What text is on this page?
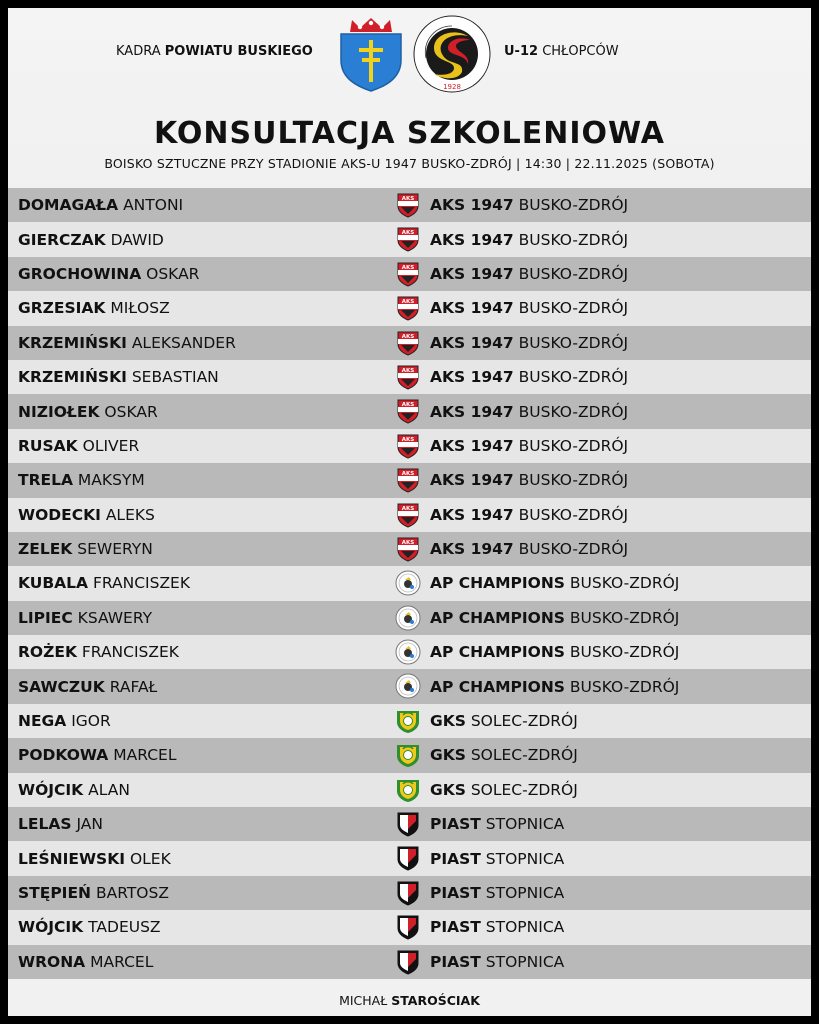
KADRA POWIATU BUSKIEGO
1928
U-12 CHŁOPCÓW
KONSULTACJA SZKOLENIOWA
BOISKO SZTUCZNE PRZY STADIONIE AKS-U 1947 BUSKO-ZDRÓJ | 14:30 | 22.11.2025 (SOBOTA)
DOMAGAŁA ANTONI	AKS AKS 1947 BUSKO-ZDRÓJ
GIERCZAK DAWID	AKS AKS 1947 BUSKO-ZDRÓJ
GROCHOWINA OSKAR	AKS AKS 1947 BUSKO-ZDRÓJ
GRZESIAK MIŁOSZ	AKS AKS 1947 BUSKO-ZDRÓJ
KRZEMIŃSKI ALEKSANDER	AKS AKS 1947 BUSKO-ZDRÓJ
KRZEMIŃSKI SEBASTIAN	AKS AKS 1947 BUSKO-ZDRÓJ
NIZIOŁEK OSKAR	AKS AKS 1947 BUSKO-ZDRÓJ
RUSAK OLIVER	AKS AKS 1947 BUSKO-ZDRÓJ
TRELA MAKSYM	AKS AKS 1947 BUSKO-ZDRÓJ
WODECKI ALEKS	AKS AKS 1947 BUSKO-ZDRÓJ
ZELEK SEWERYN	AKS AKS 1947 BUSKO-ZDRÓJ
KUBALA FRANCISZEK	AP CHAMPIONS BUSKO-ZDRÓJ
LIPIEC KSAWERY	AP CHAMPIONS BUSKO-ZDRÓJ
ROŻEK FRANCISZEK	AP CHAMPIONS BUSKO-ZDRÓJ
SAWCZUK RAFAŁ	AP CHAMPIONS BUSKO-ZDRÓJ
NEGA IGOR	GKS SOLEC-ZDRÓJ
PODKOWA MARCEL	GKS SOLEC-ZDRÓJ
WÓJCIK ALAN	GKS SOLEC-ZDRÓJ
LELAS JAN	PIAST STOPNICA
LEŚNIEWSKI OLEK	PIAST STOPNICA
STĘPIEŃ BARTOSZ	PIAST STOPNICA
WÓJCIK TADEUSZ	PIAST STOPNICA
WRONA MARCEL	PIAST STOPNICA
MICHAŁ STAROŚCIAK
